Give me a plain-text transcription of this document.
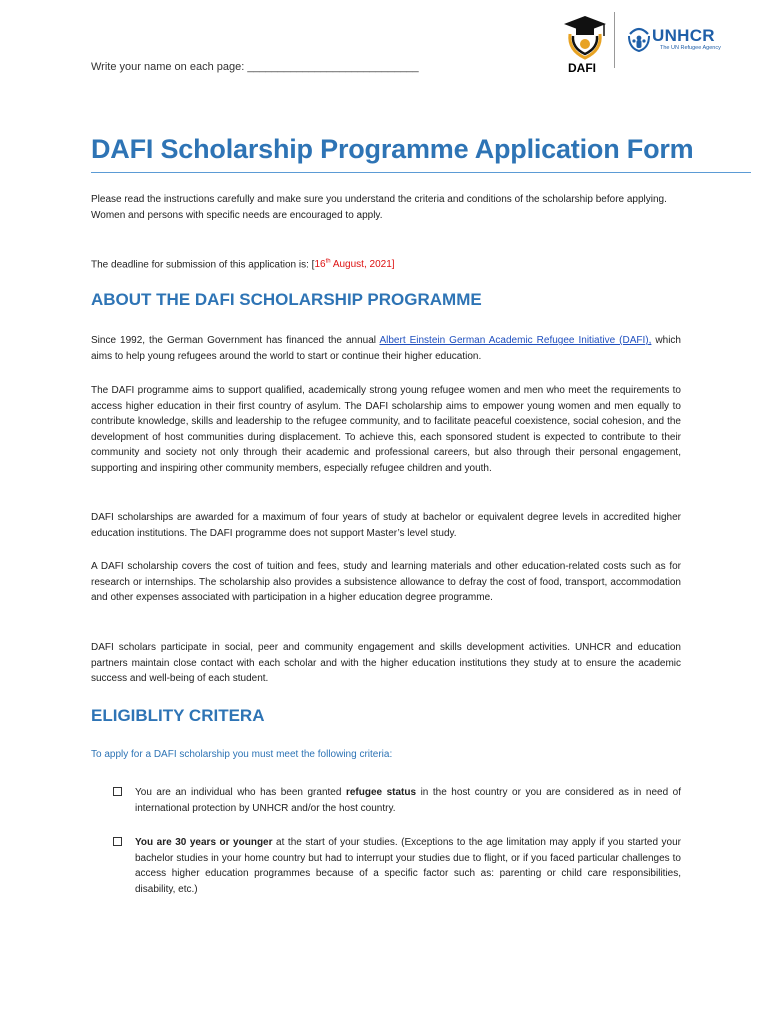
Write your name on each page: ____________________________	DAFI
UNHCR
The UN Refugee Agency
DAFI Scholarship Programme Application Form

Please read the instructions carefully and make sure you understand the criteria and conditions of the scholarship before applying.
Women and persons with specific needs are encouraged to apply.

The deadline for submission of this application is: [16th August, 2021]

ABOUT THE DAFI SCHOLARSHIP PROGRAMME

Since 1992, the German Government has financed the annual Albert Einstein German Academic Refugee Initiative (DAFI), which aims to help young refugees around the world to start or continue their higher education.

The DAFI programme aims to support qualified, academically strong young refugee women and men who meet the requirements to access higher education in their first country of asylum. The DAFI scholarship aims to empower young women and men equally to contribute knowledge, skills and leadership to the refugee community, and to facilitate peaceful coexistence, social cohesion, and the development of host communities during displacement. To achieve this, each sponsored student is expected to contribute to their community and society not only through their academic and professional careers, but also through their personal engagement, supporting and inspiring other community members, especially refugee children and youth.

DAFI scholarships are awarded for a maximum of four years of study at bachelor or equivalent degree levels in accredited higher education institutions. The DAFI programme does not support Master’s level study.

A DAFI scholarship covers the cost of tuition and fees, study and learning materials and other education-related costs such as for research or internships. The scholarship also provides a subsistence allowance to defray the cost of food, transport, accommodation and other expenses associated with participation in a higher education degree programme.

DAFI scholars participate in social, peer and community engagement and skills development activities. UNHCR and education partners maintain close contact with each scholar and with the higher education institutions they study at to ensure the academic success and well-being of each student.

ELIGIBLITY CRITERA

To apply for a DAFI scholarship you must meet the following criteria:

You are an individual who has been granted refugee status in the host country or you are considered as in need of international protection by UNHCR and/or the host country.
You are 30 years or younger at the start of your studies. (Exceptions to the age limitation may apply if you started your bachelor studies in your home country but had to interrupt your studies due to flight, or if you faced particular challenges to access higher education programmes because of a specific factor such as: parenting or child care responsibilities, disability, etc.)
